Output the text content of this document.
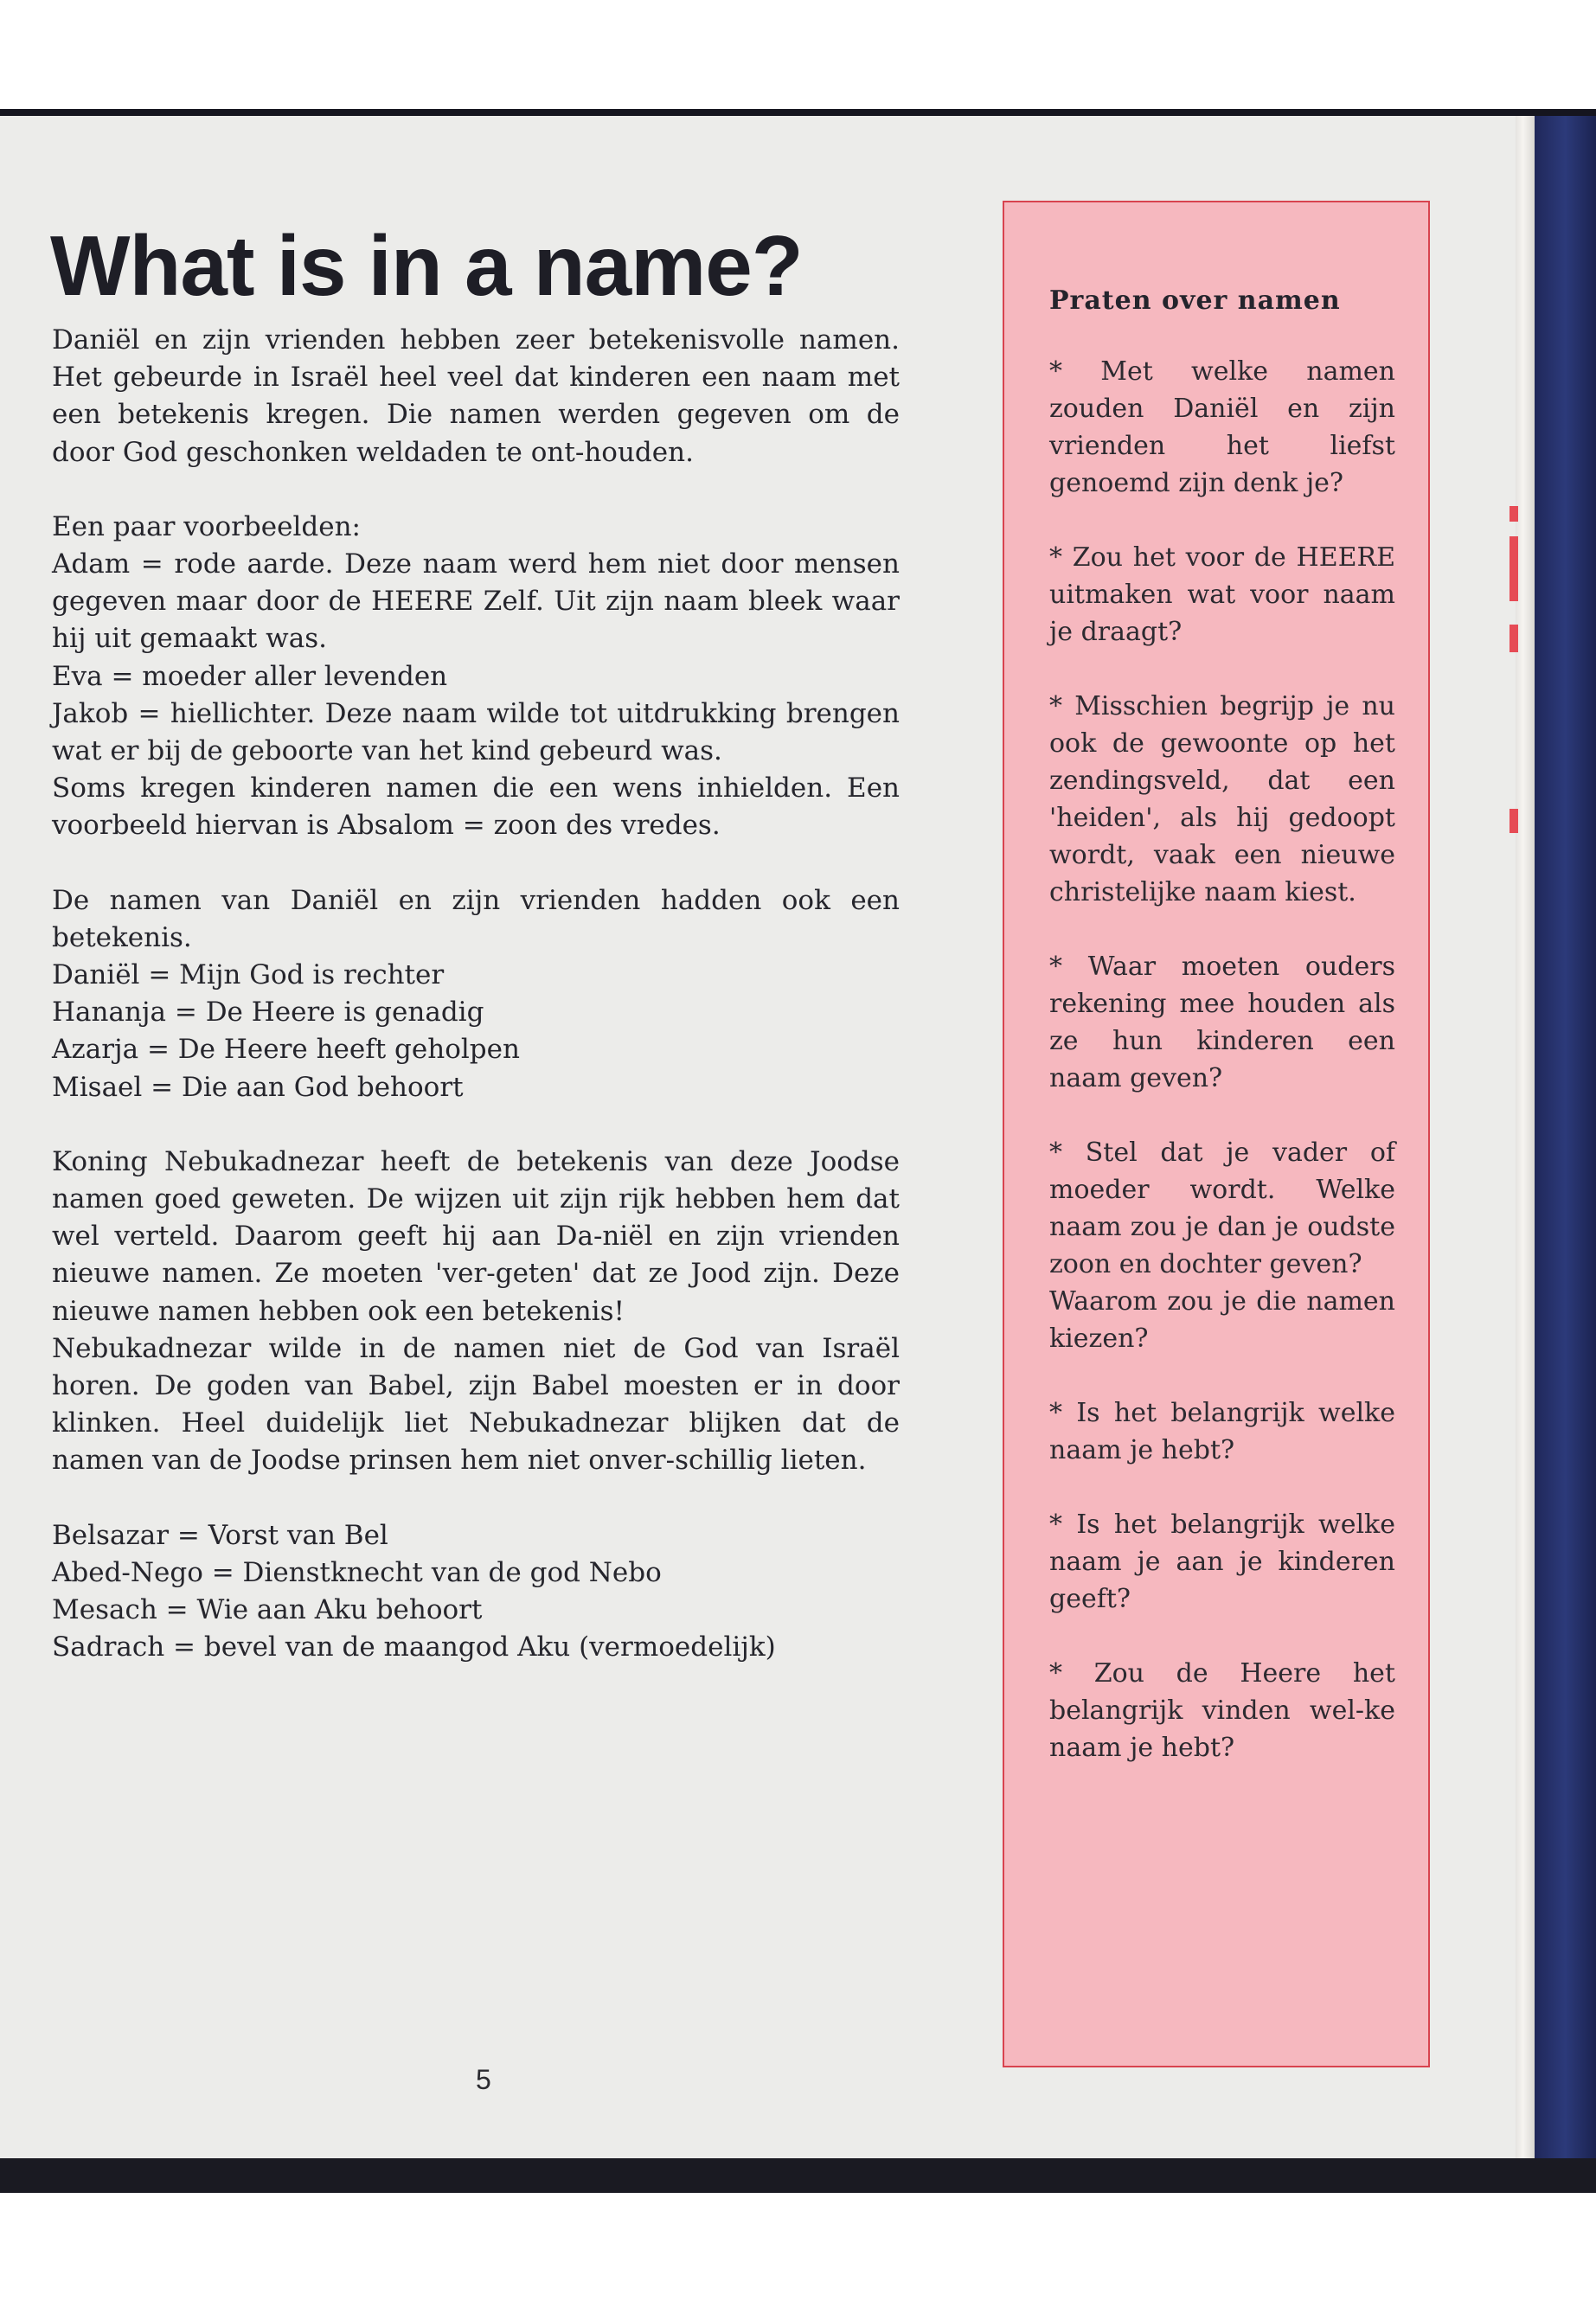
What is in a name?

Daniël en zijn vrienden hebben zeer betekenisvolle namen. Het gebeurde in Israël heel veel dat kinderen een naam met een betekenis kregen. Die namen werden gegeven om de door God geschonken weldaden te ont-houden.

Een paar voorbeelden:

Adam = rode aarde. Deze naam werd hem niet door mensen gegeven maar door de HEERE Zelf. Uit zijn naam bleek waar hij uit gemaakt was.

Eva = moeder aller levenden

Jakob = hiellichter. Deze naam wilde tot uitdrukking brengen wat er bij de geboorte van het kind gebeurd was.

Soms kregen kinderen namen die een wens inhielden. Een voorbeeld hiervan is Absalom = zoon des vredes.

De namen van Daniël en zijn vrienden hadden ook een betekenis.

Daniël = Mijn God is rechter

Hananja = De Heere is genadig

Azarja = De Heere heeft geholpen

Misael = Die aan God behoort

Koning Nebukadnezar heeft de betekenis van deze Joodse namen goed geweten. De wijzen uit zijn rijk hebben hem dat wel verteld. Daarom geeft hij aan Da-niël en zijn vrienden nieuwe namen. Ze moeten 'ver-geten' dat ze Jood zijn. Deze nieuwe namen hebben ook een betekenis!

Nebukadnezar wilde in de namen niet de God van Israël horen. De goden van Babel, zijn Babel moesten er in door klinken. Heel duidelijk liet Nebukadnezar blijken dat de namen van de Joodse prinsen hem niet onver-schillig lieten.

Belsazar = Vorst van Bel

Abed-Nego = Dienstknecht van de god Nebo

Mesach = Wie aan Aku behoort

Sadrach = bevel van de maangod Aku (vermoedelijk)

Praten over namen

* Met welke namen zouden Daniël en zijn vrienden het liefst genoemd zijn denk je?

* Zou het voor de HEERE uitmaken wat voor naam je draagt?

* Misschien begrijp je nu ook de gewoonte op het zendingsveld, dat een 'heiden', als hij gedoopt wordt, vaak een nieuwe christelijke naam kiest.

* Waar moeten ouders rekening mee houden als ze hun kinderen een naam geven?

* Stel dat je vader of moeder wordt. Welke naam zou je dan je oudste zoon en dochter geven?

Waarom zou je die namen kiezen?

* Is het belangrijk welke naam je hebt?

* Is het belangrijk welke naam je aan je kinderen geeft?

* Zou de Heere het belangrijk vinden wel-ke naam je hebt?

5
